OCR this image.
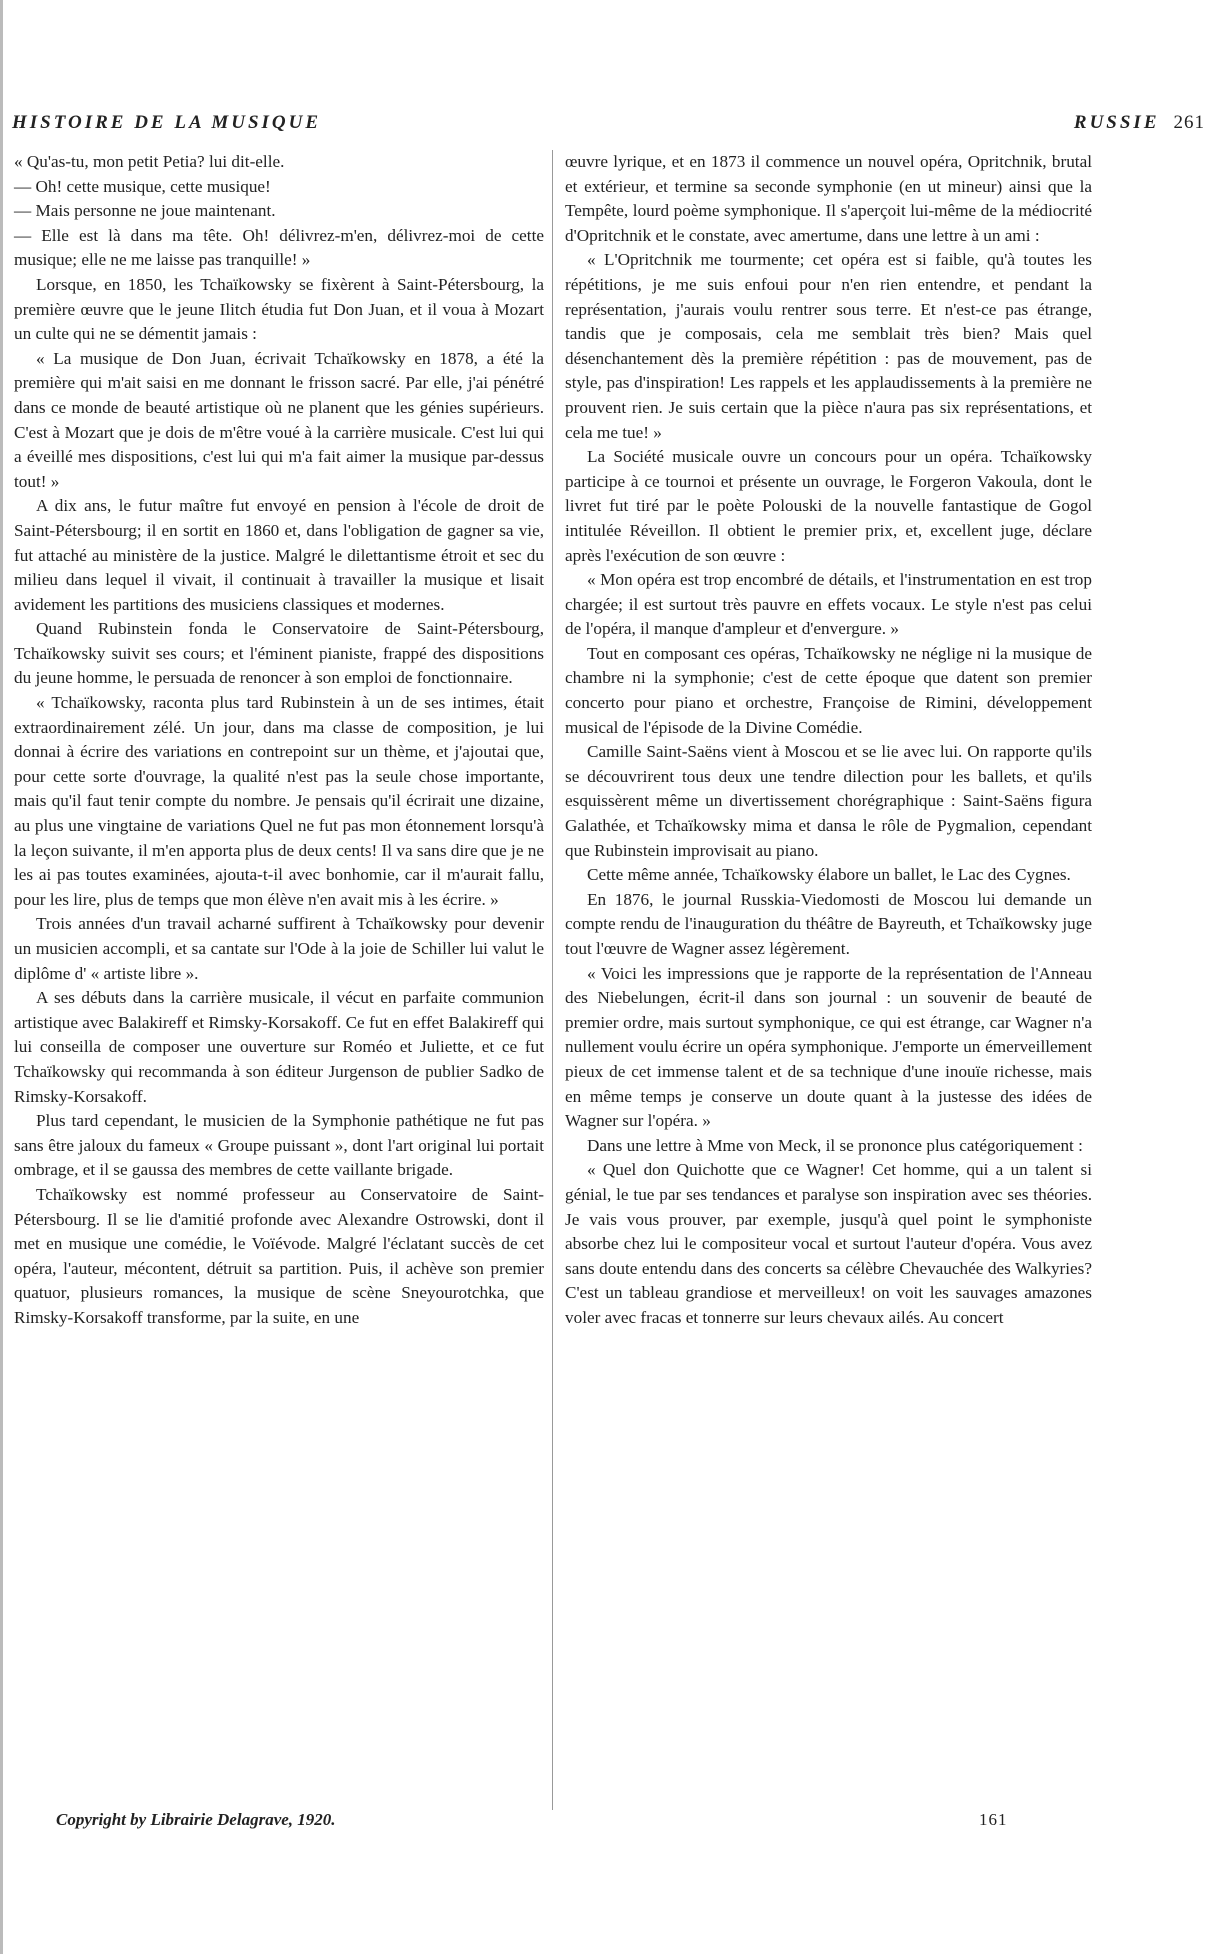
HISTOIRE DE LA MUSIQUE	RUSSIE 261

« Qu'as-tu, mon petit Petia? lui dit-elle.

— Oh! cette musique, cette musique!

— Mais personne ne joue maintenant.

— Elle est là dans ma tête. Oh! délivrez-m'en, délivrez-moi de cette musique; elle ne me laisse pas tranquille! »

Lorsque, en 1850, les Tchaïkowsky se fixèrent à Saint-Pétersbourg, la première œuvre que le jeune Ilitch étudia fut Don Juan, et il voua à Mozart un culte qui ne se démentit jamais :

« La musique de Don Juan, écrivait Tchaïkowsky en 1878, a été la première qui m'ait saisi en me donnant le frisson sacré. Par elle, j'ai pénétré dans ce monde de beauté artistique où ne planent que les génies supérieurs. C'est à Mozart que je dois de m'être voué à la carrière musicale. C'est lui qui a éveillé mes dispositions, c'est lui qui m'a fait aimer la musique par-dessus tout! »

A dix ans, le futur maître fut envoyé en pension à l'école de droit de Saint-Pétersbourg; il en sortit en 1860 et, dans l'obligation de gagner sa vie, fut attaché au ministère de la justice. Malgré le dilettantisme étroit et sec du milieu dans lequel il vivait, il continuait à travailler la musique et lisait avidement les partitions des musiciens classiques et modernes.

Quand Rubinstein fonda le Conservatoire de Saint-Pétersbourg, Tchaïkowsky suivit ses cours; et l'éminent pianiste, frappé des dispositions du jeune homme, le persuada de renoncer à son emploi de fonctionnaire.

« Tchaïkowsky, raconta plus tard Rubinstein à un de ses intimes, était extraordinairement zélé. Un jour, dans ma classe de composition, je lui donnai à écrire des variations en contrepoint sur un thème, et j'ajoutai que, pour cette sorte d'ouvrage, la qualité n'est pas la seule chose importante, mais qu'il faut tenir compte du nombre. Je pensais qu'il écrirait une dizaine, au plus une vingtaine de variations Quel ne fut pas mon étonnement lorsqu'à la leçon suivante, il m'en apporta plus de deux cents! Il va sans dire que je ne les ai pas toutes examinées, ajouta-t-il avec bonhomie, car il m'aurait fallu, pour les lire, plus de temps que mon élève n'en avait mis à les écrire. »

Trois années d'un travail acharné suffirent à Tchaïkowsky pour devenir un musicien accompli, et sa cantate sur l'Ode à la joie de Schiller lui valut le diplôme d' « artiste libre ».

A ses débuts dans la carrière musicale, il vécut en parfaite communion artistique avec Balakireff et Rimsky-Korsakoff. Ce fut en effet Balakireff qui lui conseilla de composer une ouverture sur Roméo et Juliette, et ce fut Tchaïkowsky qui recommanda à son éditeur Jurgenson de publier Sadko de Rimsky-Korsakoff.

Plus tard cependant, le musicien de la Symphonie pathétique ne fut pas sans être jaloux du fameux « Groupe puissant », dont l'art original lui portait ombrage, et il se gaussa des membres de cette vaillante brigade.

Tchaïkowsky est nommé professeur au Conservatoire de Saint-Pétersbourg. Il se lie d'amitié profonde avec Alexandre Ostrowski, dont il met en musique une comédie, le Voïévode. Malgré l'éclatant succès de cet opéra, l'auteur, mécontent, détruit sa partition. Puis, il achève son premier quatuor, plusieurs romances, la musique de scène Sneyourotchka, que Rimsky-Korsakoff transforme, par la suite, en une

œuvre lyrique, et en 1873 il commence un nouvel opéra, Opritchnik, brutal et extérieur, et termine sa seconde symphonie (en ut mineur) ainsi que la Tempête, lourd poème symphonique. Il s'aperçoit lui-même de la médiocrité d'Opritchnik et le constate, avec amertume, dans une lettre à un ami :

« L'Opritchnik me tourmente; cet opéra est si faible, qu'à toutes les répétitions, je me suis enfoui pour n'en rien entendre, et pendant la représentation, j'aurais voulu rentrer sous terre. Et n'est-ce pas étrange, tandis que je composais, cela me semblait très bien? Mais quel désenchantement dès la première répétition : pas de mouvement, pas de style, pas d'inspiration! Les rappels et les applaudissements à la première ne prouvent rien. Je suis certain que la pièce n'aura pas six représentations, et cela me tue! »

La Société musicale ouvre un concours pour un opéra. Tchaïkowsky participe à ce tournoi et présente un ouvrage, le Forgeron Vakoula, dont le livret fut tiré par le poète Polouski de la nouvelle fantastique de Gogol intitulée Réveillon. Il obtient le premier prix, et, excellent juge, déclare après l'exécution de son œuvre :

« Mon opéra est trop encombré de détails, et l'instrumentation en est trop chargée; il est surtout très pauvre en effets vocaux. Le style n'est pas celui de l'opéra, il manque d'ampleur et d'envergure. »

Tout en composant ces opéras, Tchaïkowsky ne néglige ni la musique de chambre ni la symphonie; c'est de cette époque que datent son premier concerto pour piano et orchestre, Françoise de Rimini, développement musical de l'épisode de la Divine Comédie.

Camille Saint-Saëns vient à Moscou et se lie avec lui. On rapporte qu'ils se découvrirent tous deux une tendre dilection pour les ballets, et qu'ils esquissèrent même un divertissement chorégraphique : Saint-Saëns figura Galathée, et Tchaïkowsky mima et dansa le rôle de Pygmalion, cependant que Rubinstein improvisait au piano.

Cette même année, Tchaïkowsky élabore un ballet, le Lac des Cygnes.

En 1876, le journal Russkia-Viedomosti de Moscou lui demande un compte rendu de l'inauguration du théâtre de Bayreuth, et Tchaïkowsky juge tout l'œuvre de Wagner assez légèrement.

« Voici les impressions que je rapporte de la représentation de l'Anneau des Niebelungen, écrit-il dans son journal : un souvenir de beauté de premier ordre, mais surtout symphonique, ce qui est étrange, car Wagner n'a nullement voulu écrire un opéra symphonique. J'emporte un émerveillement pieux de cet immense talent et de sa technique d'une inouïe richesse, mais en même temps je conserve un doute quant à la justesse des idées de Wagner sur l'opéra. »

Dans une lettre à Mme von Meck, il se prononce plus catégoriquement :

« Quel don Quichotte que ce Wagner! Cet homme, qui a un talent si génial, le tue par ses tendances et paralyse son inspiration avec ses théories. Je vais vous prouver, par exemple, jusqu'à quel point le symphoniste absorbe chez lui le compositeur vocal et surtout l'auteur d'opéra. Vous avez sans doute entendu dans des concerts sa célèbre Chevauchée des Walkyries? C'est un tableau grandiose et merveilleux! on voit les sauvages amazones voler avec fracas et tonnerre sur leurs chevaux ailés. Au concert

Copyright by Librairie Delagrave, 1920.	161
